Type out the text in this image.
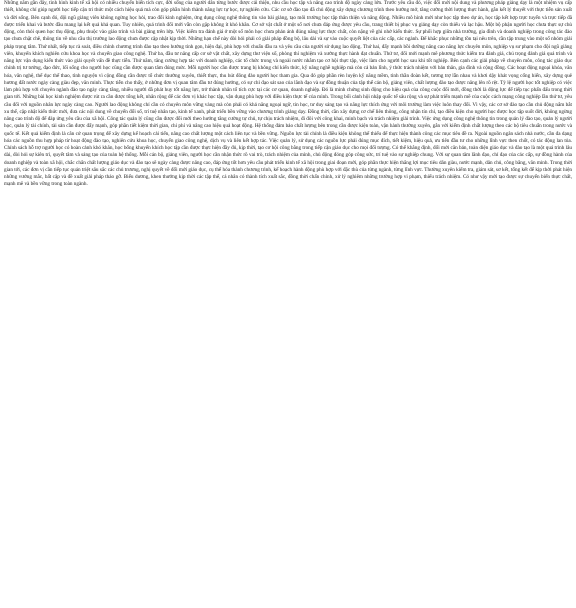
Những năm gần đây, tình hình kinh tế xã hội có nhiều chuyển biến tích cực, đời sống của người dân từng bước được cải thiện, nhu cầu học tập và nâng cao trình độ ngày càng lớn. Trước yêu cầu đó, việc đổi mới nội dung và phương pháp giảng dạy là một nhiệm vụ cấp thiết, không chỉ giúp người học tiếp cận tri thức một cách hiệu quả mà còn góp phần hình thành năng lực tự học, tự nghiên cứu. Các cơ sở đào tạo đã chủ động xây dựng chương trình theo hướng mở, tăng cường thời lượng thực hành, gắn kết lý thuyết với thực tiễn sản xuất và đời sống. Bên cạnh đó, đội ngũ giảng viên không ngừng học hỏi, trao đổi kinh nghiệm, ứng dụng công nghệ thông tin vào bài giảng, tạo môi trường học tập thân thiện và năng động. Nhiều mô hình mới như học tập theo dự án, học tập kết hợp trực tuyến và trực tiếp đã được triển khai và bước đầu mang lại kết quả khả quan. Tuy nhiên, quá trình đổi mới vẫn còn gặp không ít khó khăn. Cơ sở vật chất ở một số nơi chưa đáp ứng được yêu cầu, trang thiết bị phục vụ giảng dạy còn thiếu và lạc hậu. Một bộ phận người học chưa thực sự chủ động, còn thói quen học thụ động, phụ thuộc vào giáo trình và bài giảng trên lớp. Việc kiểm tra đánh giá ở một số môn học chưa phản ánh đúng năng lực thực chất, còn nặng về ghi nhớ kiến thức. Sự phối hợp giữa nhà trường, gia đình và doanh nghiệp trong công tác đào tạo chưa chặt chẽ, thông tin về nhu cầu thị trường lao động chưa được cập nhật kịp thời. Những hạn chế này đòi hỏi phải có giải pháp đồng bộ, lâu dài và sự vào cuộc quyết liệt của các cấp, các ngành. Để khắc phục những tồn tại nêu trên, cần tập trung vào một số nhóm giải pháp trọng tâm. Thứ nhất, tiếp tục rà soát, điều chỉnh chương trình đào tạo theo hướng tinh gọn, hiện đại, phù hợp với chuẩn đầu ra và yêu cầu của người sử dụng lao động. Thứ hai, đẩy mạnh bồi dưỡng nâng cao năng lực chuyên môn, nghiệp vụ sư phạm cho đội ngũ giảng viên, khuyến khích nghiên cứu khoa học và chuyển giao công nghệ. Thứ ba, đầu tư nâng cấp cơ sở vật chất, xây dựng thư viện số, phòng thí nghiệm và xưởng thực hành đạt chuẩn. Thứ tư, đổi mới mạnh mẽ phương thức kiểm tra đánh giá, chú trọng đánh giá quá trình và năng lực vận dụng kiến thức vào giải quyết vấn đề thực tiễn. Thứ năm, tăng cường hợp tác với doanh nghiệp, các tổ chức trong và ngoài nước nhằm tạo cơ hội thực tập, việc làm cho người học sau khi tốt nghiệp. Bên cạnh các giải pháp về chuyên môn, công tác giáo dục chính trị tư tưởng, đạo đức, lối sống cho người học cũng cần được quan tâm đúng mức. Mỗi người học cần được trang bị không chỉ kiến thức, kỹ năng nghề nghiệp mà còn cả bản lĩnh, ý thức trách nhiệm với bản thân, gia đình và cộng đồng. Các hoạt động ngoại khóa, văn hóa, văn nghệ, thể dục thể thao, tình nguyện vì cộng đồng cần được tổ chức thường xuyên, thiết thực, thu hút đông đảo người học tham gia. Qua đó góp phần rèn luyện kỹ năng mềm, tinh thần đoàn kết, tương trợ lẫn nhau và khơi dậy khát vọng cống hiến, xây dựng quê hương đất nước ngày càng giàu đẹp, văn minh. Thực tiễn cho thấy, ở những đơn vị quan tâm đầu tư đúng hướng, có sự chỉ đạo sát sao của lãnh đạo và sự đồng thuận của tập thể cán bộ, giảng viên, chất lượng đào tạo được nâng lên rõ rệt. Tỷ lệ người học tốt nghiệp có việc làm phù hợp với chuyên ngành đào tạo ngày càng tăng, nhiều người đã phát huy tốt năng lực, trở thành nhân tố tích cực tại các cơ quan, doanh nghiệp. Đó là minh chứng sinh động cho hiệu quả của công cuộc đổi mới, đồng thời là động lực để tiếp tục phấn đấu trong thời gian tới. Những bài học kinh nghiệm được rút ra cần được tổng kết, nhân rộng để các đơn vị khác học tập, vận dụng phù hợp với điều kiện thực tế của mình. Trong bối cảnh hội nhập quốc tế sâu rộng và sự phát triển mạnh mẽ của cuộc cách mạng công nghiệp lần thứ tư, yêu cầu đối với nguồn nhân lực ngày càng cao. Người lao động không chỉ cần có chuyên môn vững vàng mà còn phải có khả năng ngoại ngữ, tin học, tư duy sáng tạo và năng lực thích ứng với môi trường làm việc luôn thay đổi. Vì vậy, các cơ sở đào tạo cần chủ động nắm bắt xu thế, cập nhật kiến thức mới, đưa các nội dung về chuyển đổi số, trí tuệ nhân tạo, kinh tế xanh, phát triển bền vững vào chương trình giảng dạy. Đồng thời, cần xây dựng cơ chế liên thông, công nhận tín chỉ, tạo điều kiện cho người học được học tập suốt đời, không ngừng nâng cao trình độ để đáp ứng yêu cầu của xã hội. Công tác quản lý cũng cần được đổi mới theo hướng tăng cường tự chủ, tự chịu trách nhiệm, đi đôi với công khai, minh bạch và trách nhiệm giải trình. Việc ứng dụng công nghệ thông tin trong quản lý đào tạo, quản lý người học, quản lý tài chính, tài sản cần được đẩy mạnh, góp phần tiết kiệm thời gian, chi phí và nâng cao hiệu quả hoạt động. Hệ thống đảm bảo chất lượng bên trong cần được kiện toàn, vận hành thường xuyên, gắn với kiểm định chất lượng theo các bộ tiêu chuẩn trong nước và quốc tế. Kết quả kiểm định là căn cứ quan trọng để xây dựng kế hoạch cải tiến, nâng cao chất lượng một cách liên tục và bền vững. Nguồn lực tài chính là điều kiện không thể thiếu để thực hiện thành công các mục tiêu đề ra. Ngoài nguồn ngân sách nhà nước, cần đa dạng hóa các nguồn thu hợp pháp từ hoạt động đào tạo, nghiên cứu khoa học, chuyển giao công nghệ, dịch vụ và liên kết hợp tác. Việc quản lý, sử dụng các nguồn lực phải đúng mục đích, tiết kiệm, hiệu quả, ưu tiên đầu tư cho những lĩnh vực then chốt, có tác động lan tỏa. Chính sách hỗ trợ người học có hoàn cảnh khó khăn, học bổng khuyến khích học tập cần được thực hiện đầy đủ, kịp thời, tạo cơ hội công bằng trong tiếp cận giáo dục cho mọi đối tượng. Có thể khẳng định, đổi mới căn bản, toàn diện giáo dục và đào tạo là một quá trình lâu dài, đòi hỏi sự kiên trì, quyết tâm và sáng tạo của toàn hệ thống. Mỗi cán bộ, giảng viên, người học cần nhận thức rõ vai trò, trách nhiệm của mình, chủ động đóng góp công sức, trí tuệ vào sự nghiệp chung. Với sự quan tâm lãnh đạo, chỉ đạo của các cấp, sự đồng hành của doanh nghiệp và toàn xã hội, chắc chắn chất lượng giáo dục và đào tạo sẽ ngày càng được nâng cao, đáp ứng tốt hơn yêu cầu phát triển kinh tế xã hội trong giai đoạn mới, góp phần thực hiện thắng lợi mục tiêu dân giàu, nước mạnh, dân chủ, công bằng, văn minh. Trong thời gian tới, các đơn vị cần tiếp tục quán triệt sâu sắc các chủ trương, nghị quyết về đổi mới giáo dục, cụ thể hóa thành chương trình, kế hoạch hành động phù hợp với đặc thù của từng ngành, từng lĩnh vực. Thường xuyên kiểm tra, giám sát, sơ kết, tổng kết để kịp thời phát hiện những vướng mắc, bất cập và đề xuất giải pháp tháo gỡ. Biểu dương, khen thưởng kịp thời các tập thể, cá nhân có thành tích xuất sắc, đồng thời chấn chỉnh, xử lý nghiêm những trường hợp vi phạm, thiếu trách nhiệm. Có như vậy mới tạo được sự chuyển biến thực chất, mạnh mẽ và bền vững trong toàn ngành.
